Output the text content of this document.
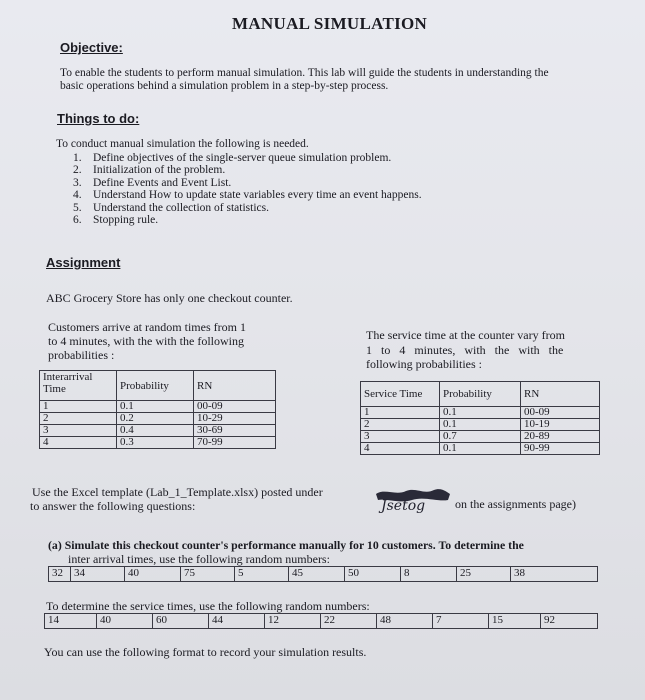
MANUAL SIMULATION
Objective:
To enable the students to perform manual simulation. This lab will guide the students in understanding the
basic operations behind a simulation problem in a step-by-step process.
Things to do:
To conduct manual simulation the following is needed.
1. Define objectives of the single-server queue simulation problem.
2. Initialization of the problem.
3. Define Events and Event List.
4. Understand How to update state variables every time an event happens.
5. Understand the collection of statistics.
6. Stopping rule.
Assignment
ABC Grocery Store has only one checkout counter.
Customers arrive at random times from 1
to 4 minutes, with the with the following
probabilities :
The service time at the counter vary from
1 to 4 minutes, with the with the
following probabilities :
Interarrival Time	Probability	RN
1	0.1	00-09
2	0.2	10-29
3	0.4	30-69
4	0.3	70-99
Service Time	Probability	RN
1	0.1	00-09
2	0.1	10-19
3	0.7	20-89
4	0.1	90-99
Use the Excel template (Lab_1_Template.xlsx) posted under
Jsetog on the assignments page)
to answer the following questions:
(a) Simulate this checkout counter's performance manually for 10 customers. To determine the
inter arrival times, use the following random numbers:
32	34	40	75	5	45	50	8	25	38
To determine the service times, use the following random numbers:
14	40	60	44	12	22	48	7	15	92
You can use the following format to record your simulation results.
